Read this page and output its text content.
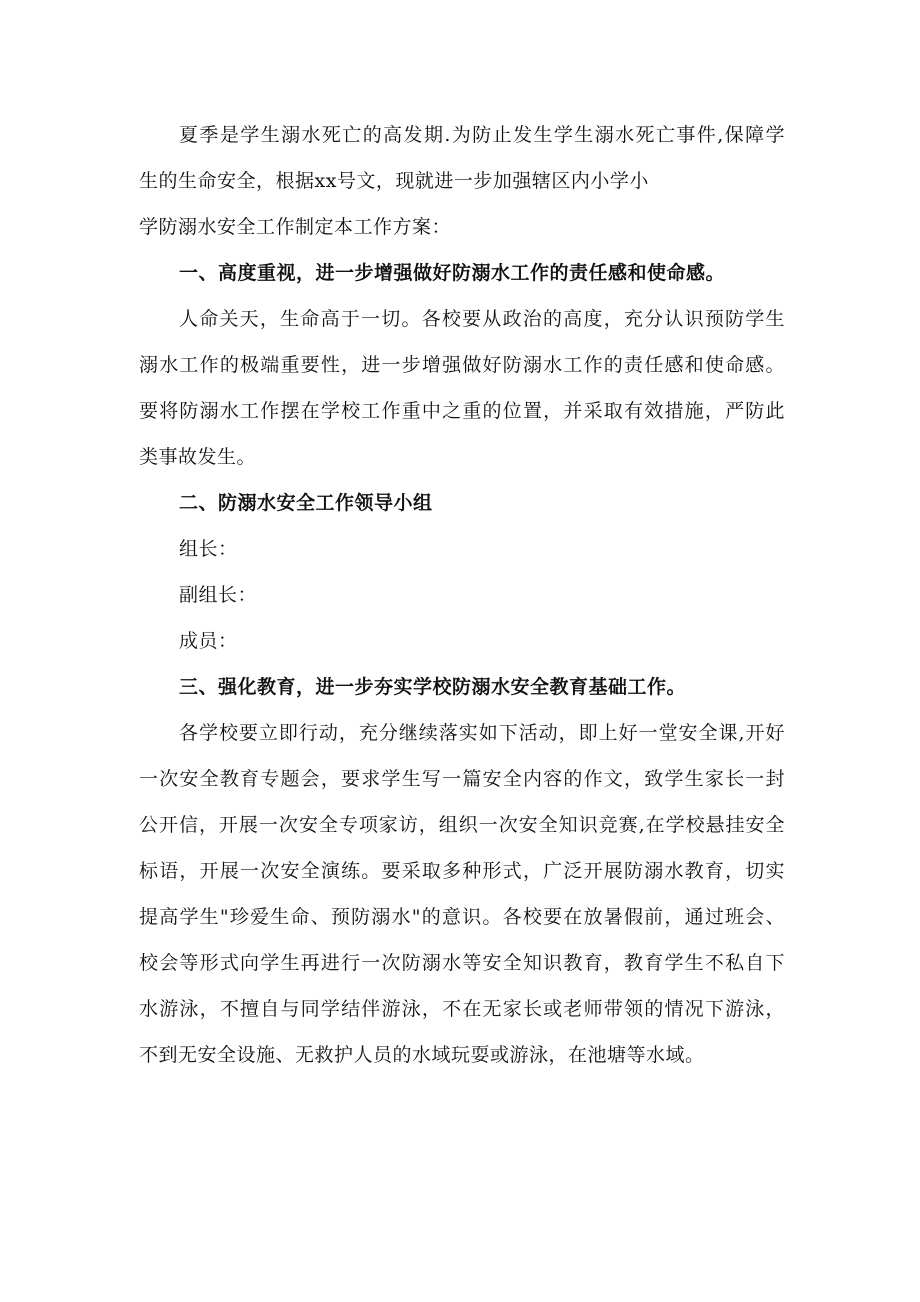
夏季是学生溺水死亡的高发期.为防止发生学生溺水死亡事件,保障学
生的生命安全，根据xx号文，现就进一步加强辖区内小学小
学防溺水安全工作制定本工作方案：

一、高度重视，进一步增强做好防溺水工作的责任感和使命感。

人命关天，生命高于一切。各校要从政治的高度，充分认识预防学生
溺水工作的极端重要性，进一步增强做好防溺水工作的责任感和使命感。
要将防溺水工作摆在学校工作重中之重的位置，并采取有效措施，严防此
类事故发生。

二、防溺水安全工作领导小组

组长：

副组长：

成员：

三、强化教育，进一步夯实学校防溺水安全教育基础工作。

各学校要立即行动，充分继续落实如下活动，即上好一堂安全课,开好
一次安全教育专题会，要求学生写一篇安全内容的作文，致学生家长一封
公开信，开展一次安全专项家访，组织一次安全知识竞赛,在学校悬挂安全
标语，开展一次安全演练。要采取多种形式，广泛开展防溺水教育，切实
提高学生"珍爱生命、预防溺水"的意识。各校要在放暑假前，通过班会、
校会等形式向学生再进行一次防溺水等安全知识教育，教育学生不私自下
水游泳，不擅自与同学结伴游泳，不在无家长或老师带领的情况下游泳，
不到无安全设施、无救护人员的水域玩耍或游泳，在池塘等水域。
